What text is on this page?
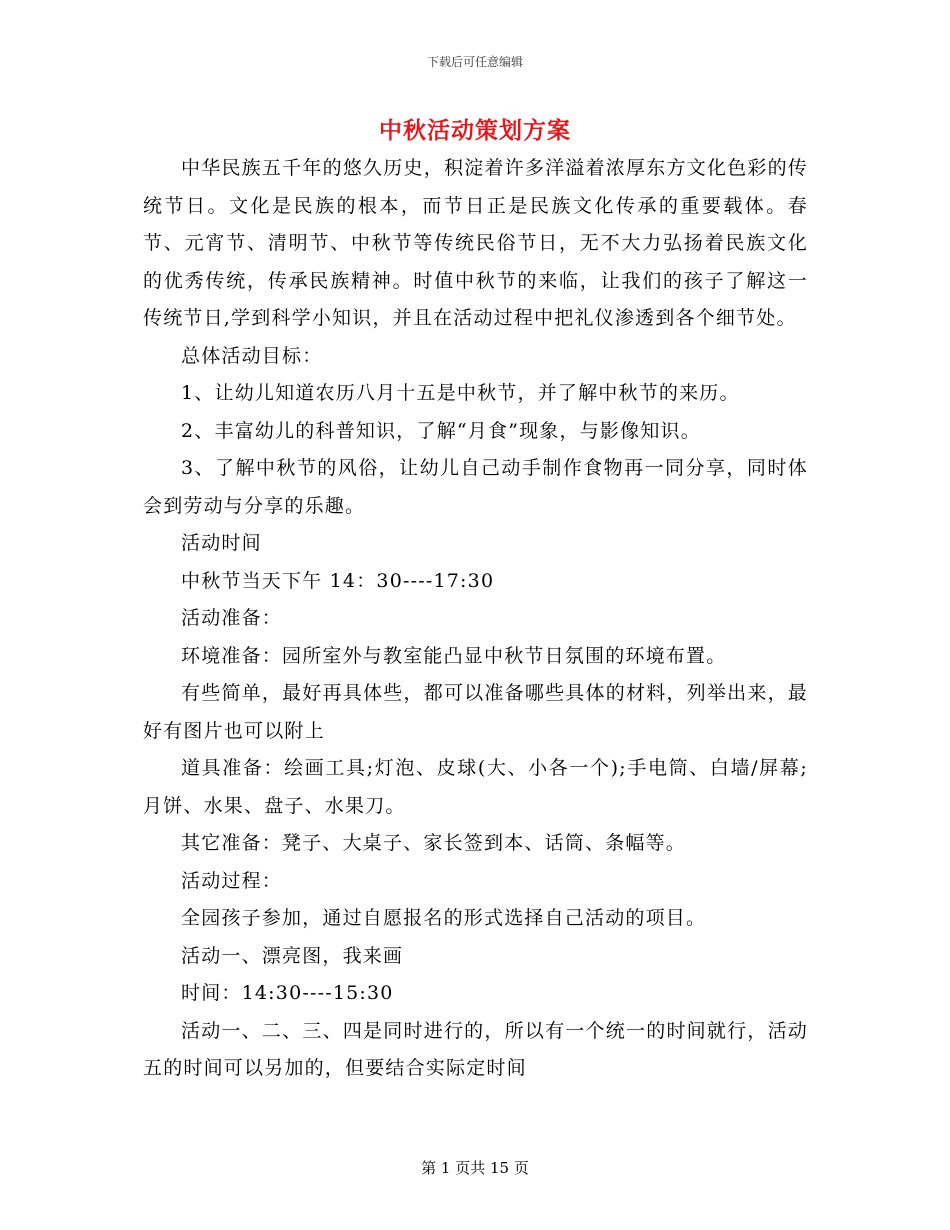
下载后可任意编辑
中秋活动策划方案

中华民族五千年的悠久历史，积淀着许多洋溢着浓厚东方文化色彩的传统节日。文化是民族的根本，而节日正是民族文化传承的重要载体。春节、元宵节、清明节、中秋节等传统民俗节日，无不大力弘扬着民族文化的优秀传统，传承民族精神。时值中秋节的来临，让我们的孩子了解这一传统节日,学到科学小知识，并且在活动过程中把礼仪渗透到各个细节处。

总体活动目标：

1、让幼儿知道农历八月十五是中秋节，并了解中秋节的来历。

2、丰富幼儿的科普知识，了解“月食”现象，与影像知识。

3、了解中秋节的风俗，让幼儿自己动手制作食物再一同分享，同时体会到劳动与分享的乐趣。

活动时间

中秋节当天下午 14：30----17:30

活动准备：

环境准备：园所室外与教室能凸显中秋节日氛围的环境布置。

有些简单，最好再具体些，都可以准备哪些具体的材料，列举出来，最好有图片也可以附上

道具准备：绘画工具;灯泡、皮球(大、小各一个);手电筒、白墙/屏幕;月饼、水果、盘子、水果刀。

其它准备：凳子、大桌子、家长签到本、话筒、条幅等。

活动过程：

全园孩子参加，通过自愿报名的形式选择自己活动的项目。

活动一、漂亮图，我来画

时间：14:30----15:30

活动一、二、三、四是同时进行的，所以有一个统一的时间就行，活动五的时间可以另加的，但要结合实际定时间

第 1 页共 15 页
